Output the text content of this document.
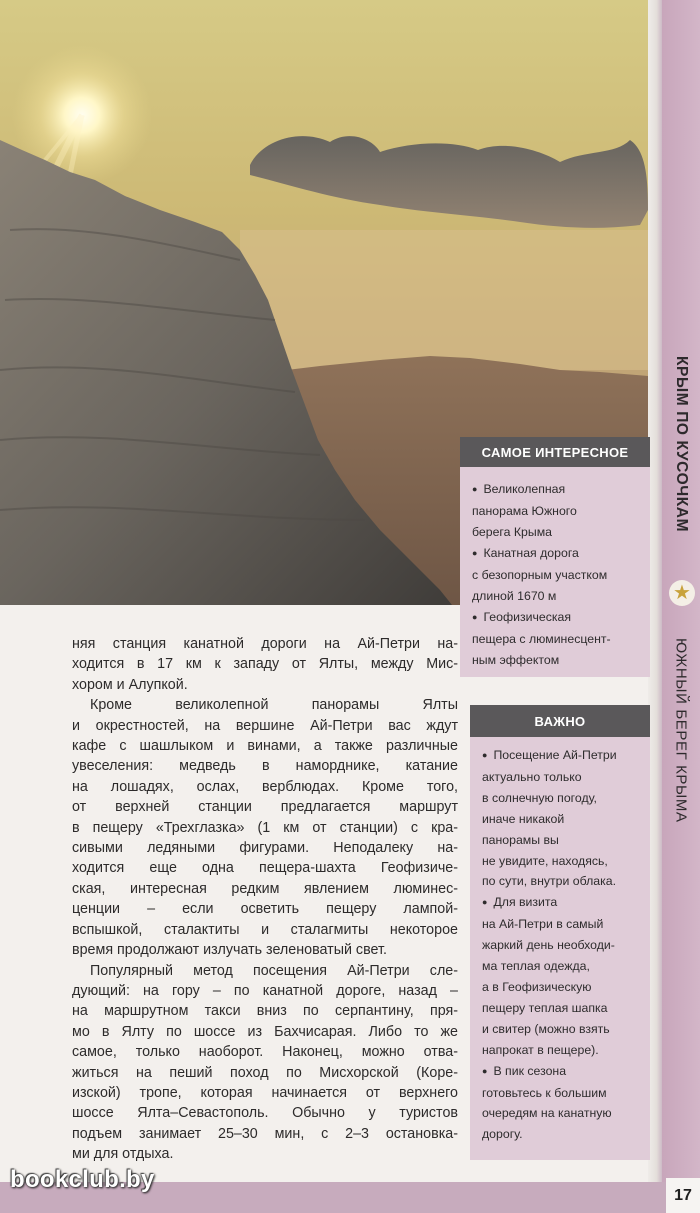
КРЫМ ПО КУСОЧКАМ
★
ЮЖНЫЙ БЕРЕГ КРЫМА
няя станция канатной дороги на Ай-Петри на-
ходится в 17 км к западу от Ялты, между Мис-
хором и Алупкой.
Кроме великолепной панорамы Ялты
и окрестностей, на вершине Ай-Петри вас ждут
кафе с шашлыком и винами, а также различные
увеселения: медведь в наморднике, катание
на лошадях, ослах, верблюдах. Кроме того,
от верхней станции предлагается маршрут
в пещеру «Трехглазка» (1 км от станции) с кра-
сивыми ледяными фигурами. Неподалеку на-
ходится еще одна пещера-шахта Геофизиче-
ская, интересная редким явлением люминес-
ценции – если осветить пещеру лампой-
вспышкой, сталактиты и сталагмиты некоторое
время продолжают излучать зеленоватый свет.
Популярный метод посещения Ай-Петри сле-
дующий: на гору – по канатной дороге, назад –
на маршрутном такси вниз по серпантину, пря-
мо в Ялту по шоссе из Бахчисарая. Либо то же
самое, только наоборот. Наконец, можно отва-
житься на пеший поход по Мисхорской (Коре-
изской) тропе, которая начинается от верхнего
шоссе Ялта–Севастополь. Обычно у туристов
подъем занимает 25–30 мин, с 2–3 остановка-
ми для отдыха.
САМОЕ ИНТЕРЕСНОЕ
● Великолепная
панорама Южного
берега Крыма
● Канатная дорога
с безопорным участком
длиной 1670 м
● Геофизическая
пещера с люминесцент-
ным эффектом
ВАЖНО
● Посещение Ай-Петри
актуально только
в солнечную погоду,
иначе никакой
панорамы вы
не увидите, находясь,
по сути, внутри облака.
● Для визита
на Ай-Петри в самый
жаркий день необходи-
ма теплая одежда,
а в Геофизическую
пещеру теплая шапка
и свитер (можно взять
напрокат в пещере).
● В пик сезона
готовьтесь к большим
очередям на канатную
дорогу.
bookclub.by
17
